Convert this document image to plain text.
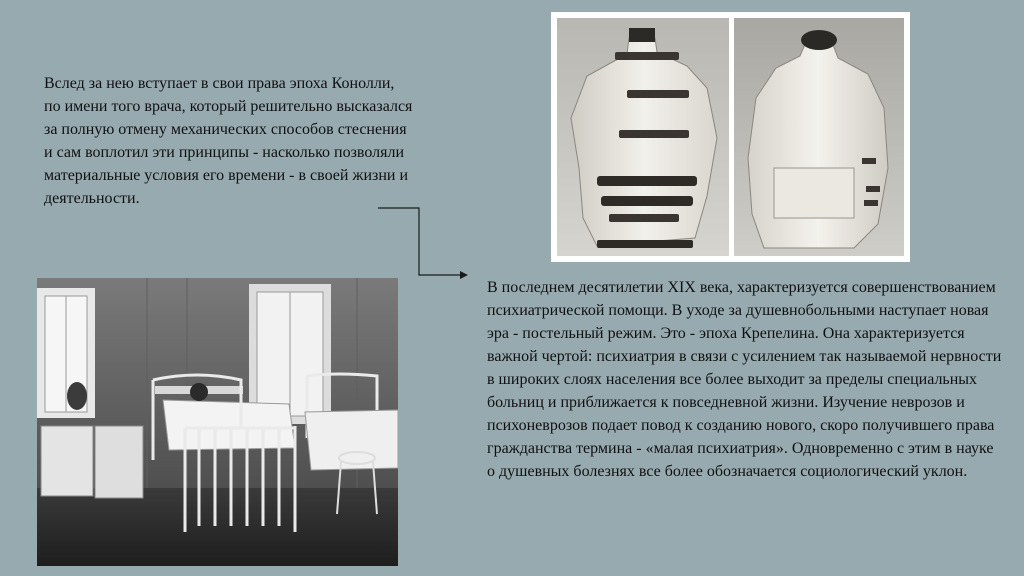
Вслед за нею вступает в свои права эпоха Конолли, по имени того врача, который решительно высказался за полную отмену механических способов стеснения и сам воплотил эти принципы - насколько позволяли материальные условия его времени - в своей жизни и деятельности.
В последнем десятилетии XIX века, характеризуется совершенствованием психиатрической помощи. В уходе за душевнобольными наступает новая эра - постельный режим. Это - эпоха Крепелина. Она характеризуется важной чертой: психиатрия в связи с усилением так называемой нервности в широких слоях населения все более выходит за пределы специальных больниц и приближается к повседневной жизни. Изучение неврозов и психоневрозов подает повод к созданию нового, скоро получившего права гражданства термина - «малая психиатрия». Одновременно с этим в науке о душевных болезнях все более обозначается социологический уклон.
